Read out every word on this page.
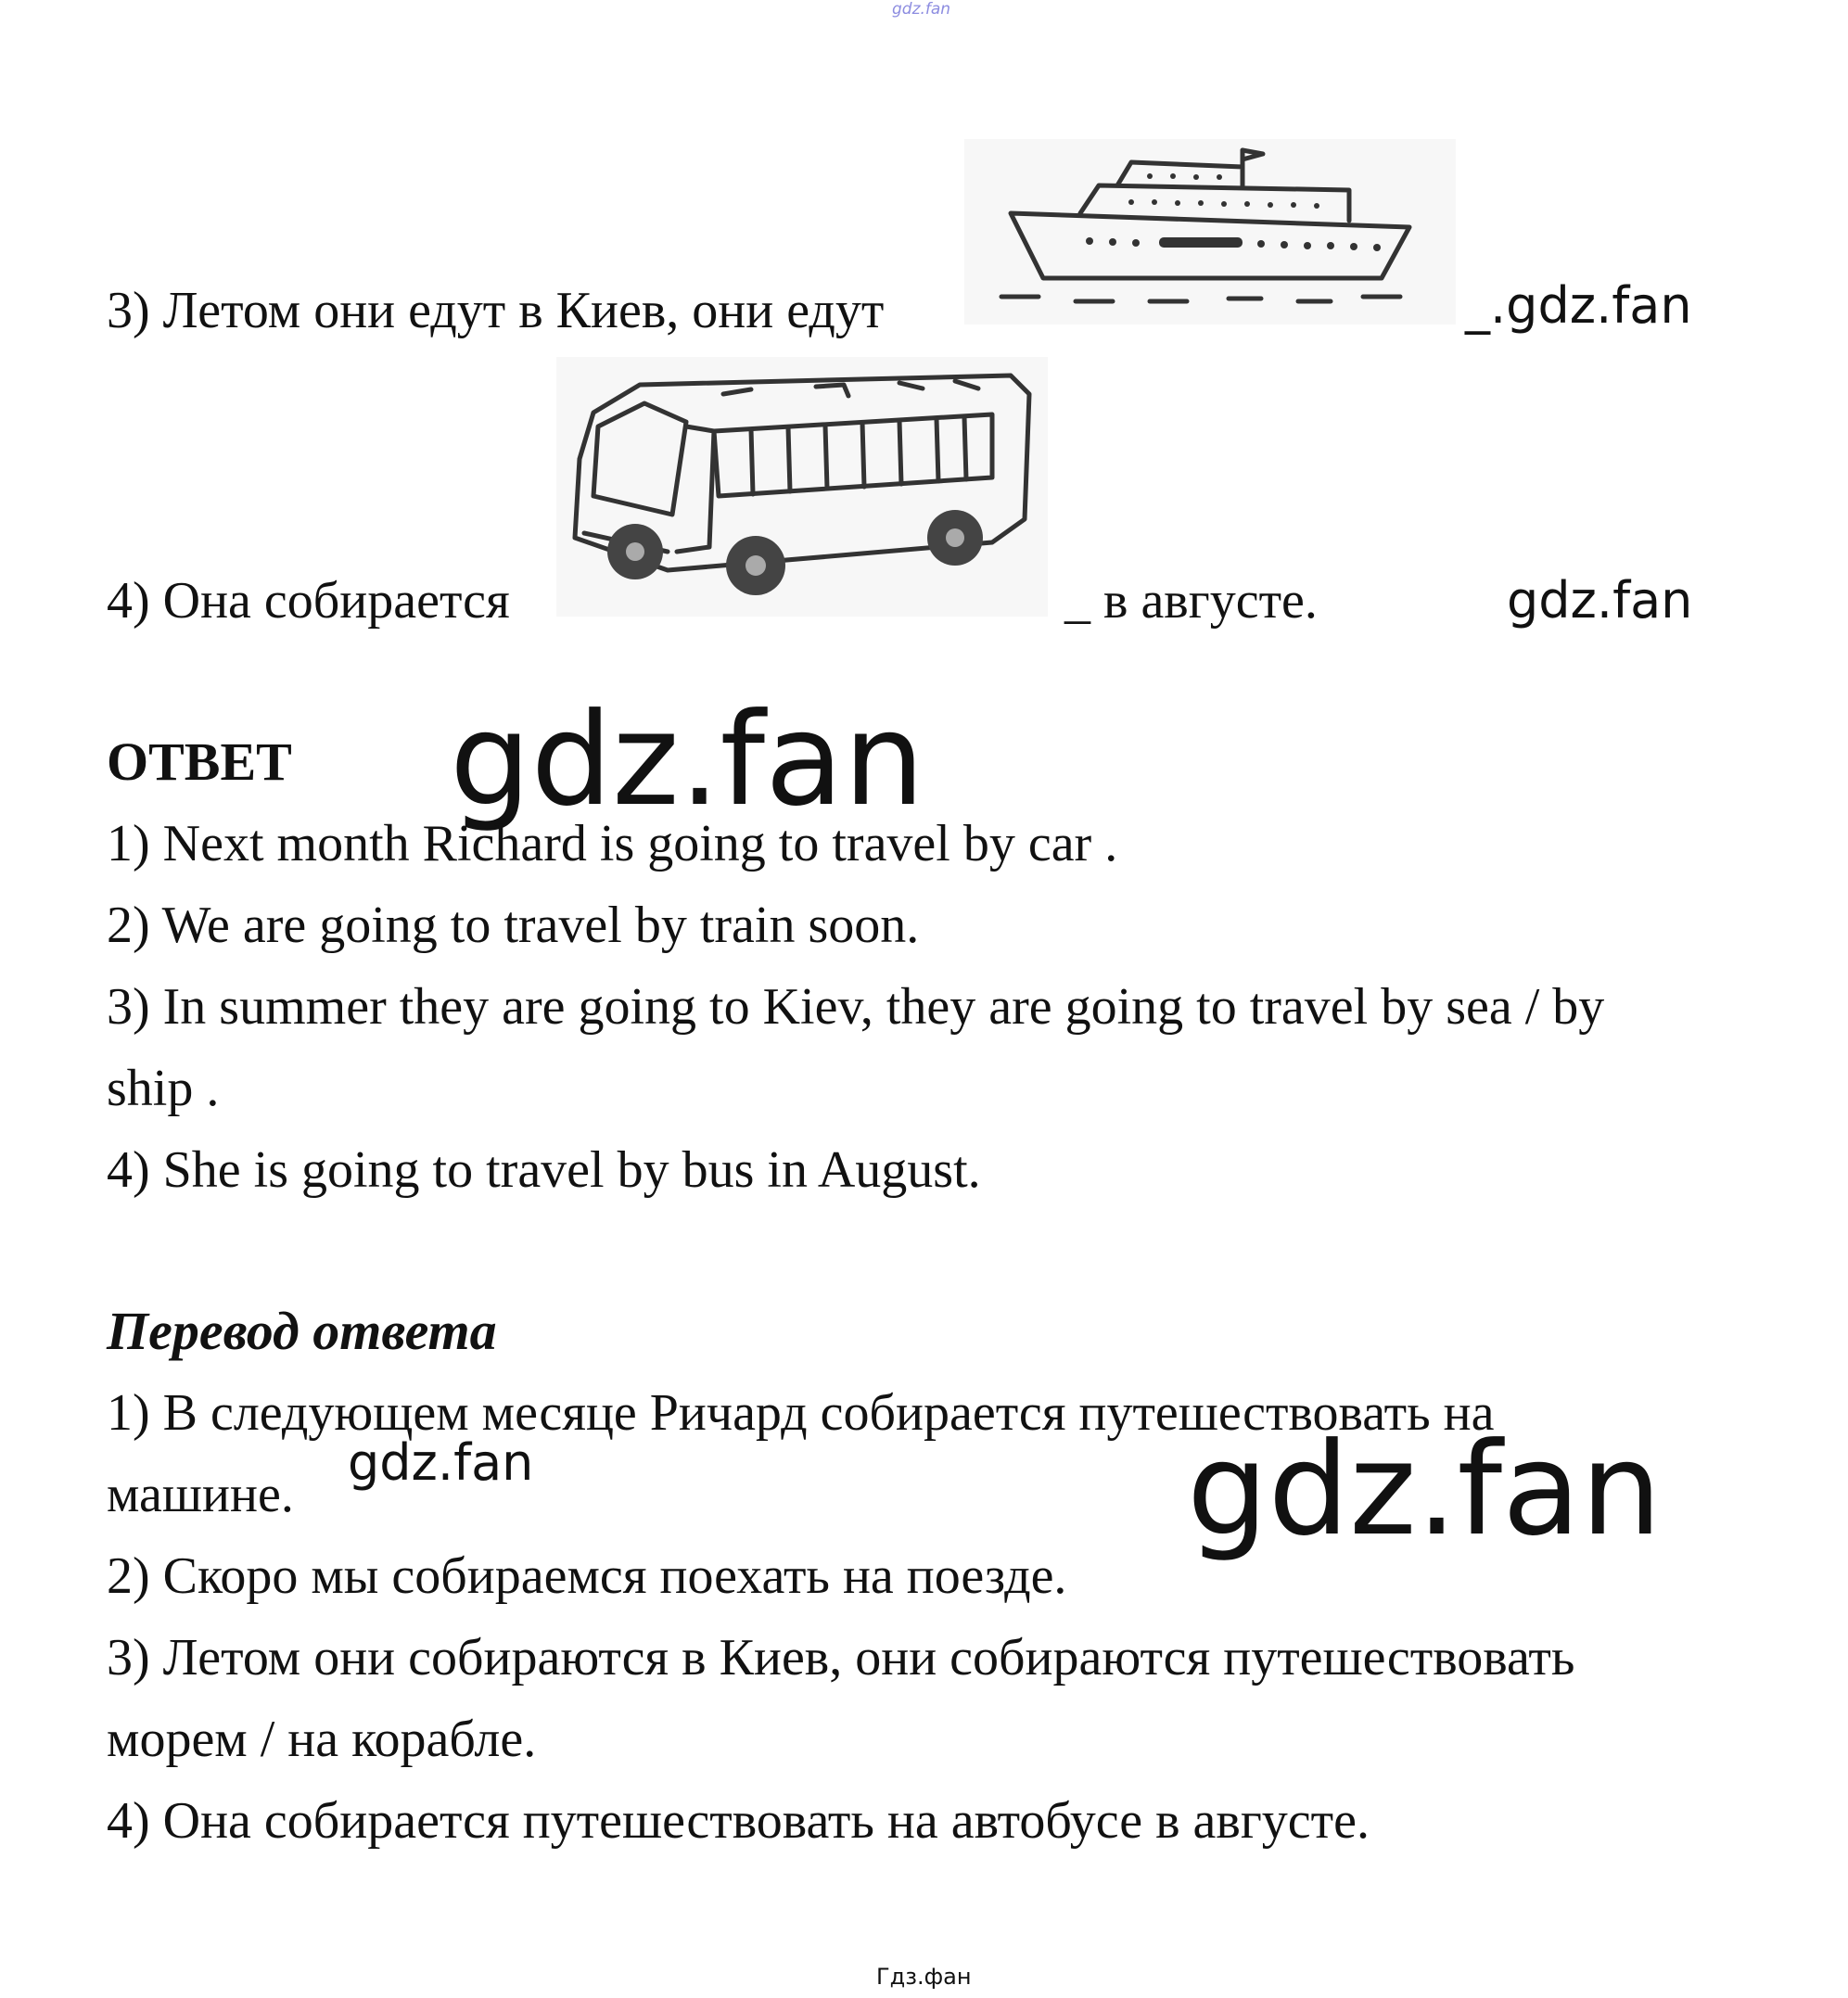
gdz.fan
3) Летом они едут в Киев, они едут	_.gdz.fan
4) Она собирается	_ в августе.	gdz.fan
ОТВЕТ gdz.fan
1) Next month Richard is going to travel by car .
2) We are going to travel by train soon.
3) In summer they are going to Kiev, they are going to travel by sea / by
ship .
4) She is going to travel by bus in August.
Перевод ответа
1) В следующем месяце Ричард собирается путешествовать на
машине.
gdz.fan	gdz.fan
2) Скоро мы собираемся поехать на поезде.
3) Летом они собираются в Киев, они собираются путешествовать
морем / на корабле.
4) Она собирается путешествовать на автобусе в августе.
Гдз.фан
